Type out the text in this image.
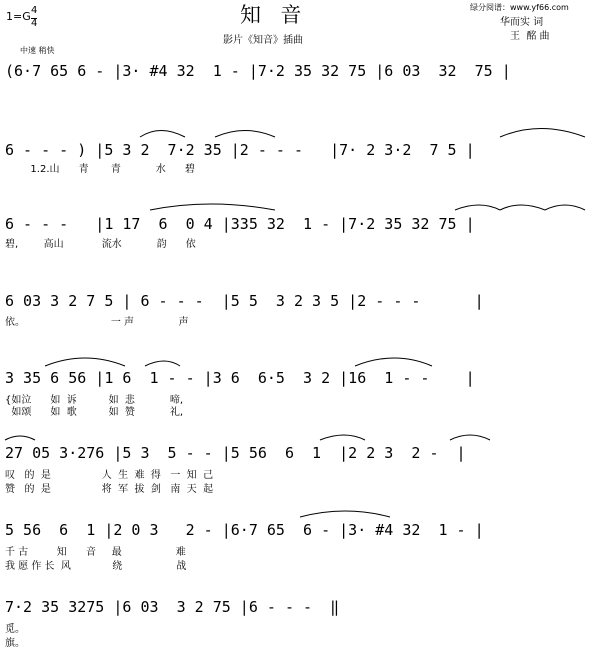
1=G 4
4	知  音
影片《知音》插曲
绿分阅谱：www.yf66.com
华而实 词
王  酩 曲
中速 稍快
(6·7 65 6 - |3· #4 32  1 - |7·2 35 32 75 |6 03  32  75 |
6 - - - ) |5 3 2  7·2 35 |2 - - -   |7· 2 3·2  7 5 |
1.2.山      青       青           水      碧
6 - - -   |1 17  6  0 4 |335 32  1 - |7·2 35 32 75 |
碧,        高山            流水           韵      依
6 03 3 2 7 5 | 6 - - -  |5 5  3 2 3 5 |2 - - -      |
依。                           一 声              声
3 35 6 56 |1 6  1 - - |3 6  6·5  3 2 |16  1 - -    |
{如泣      如  诉          如  悲           啼,
如颂      如  歌          如  赞           礼,
27 05 3·276 |5 3  5 - - |5 56  6  1  |2 2 3  2 -  |
叹   的  是                人  生  难  得   一  知  己
赞   的  是                将  军  拔  剑   南  天  起
5 56  6  1 |2 0 3   2 - |6·7 65  6 - |3· #4 32  1 - |
千 古         知      音     最                 难
我 愿 作 长  风             绕                 战
7·2 35 3275 |6 03  3 2 75 |6 - - -  ‖
觅。
旗。
